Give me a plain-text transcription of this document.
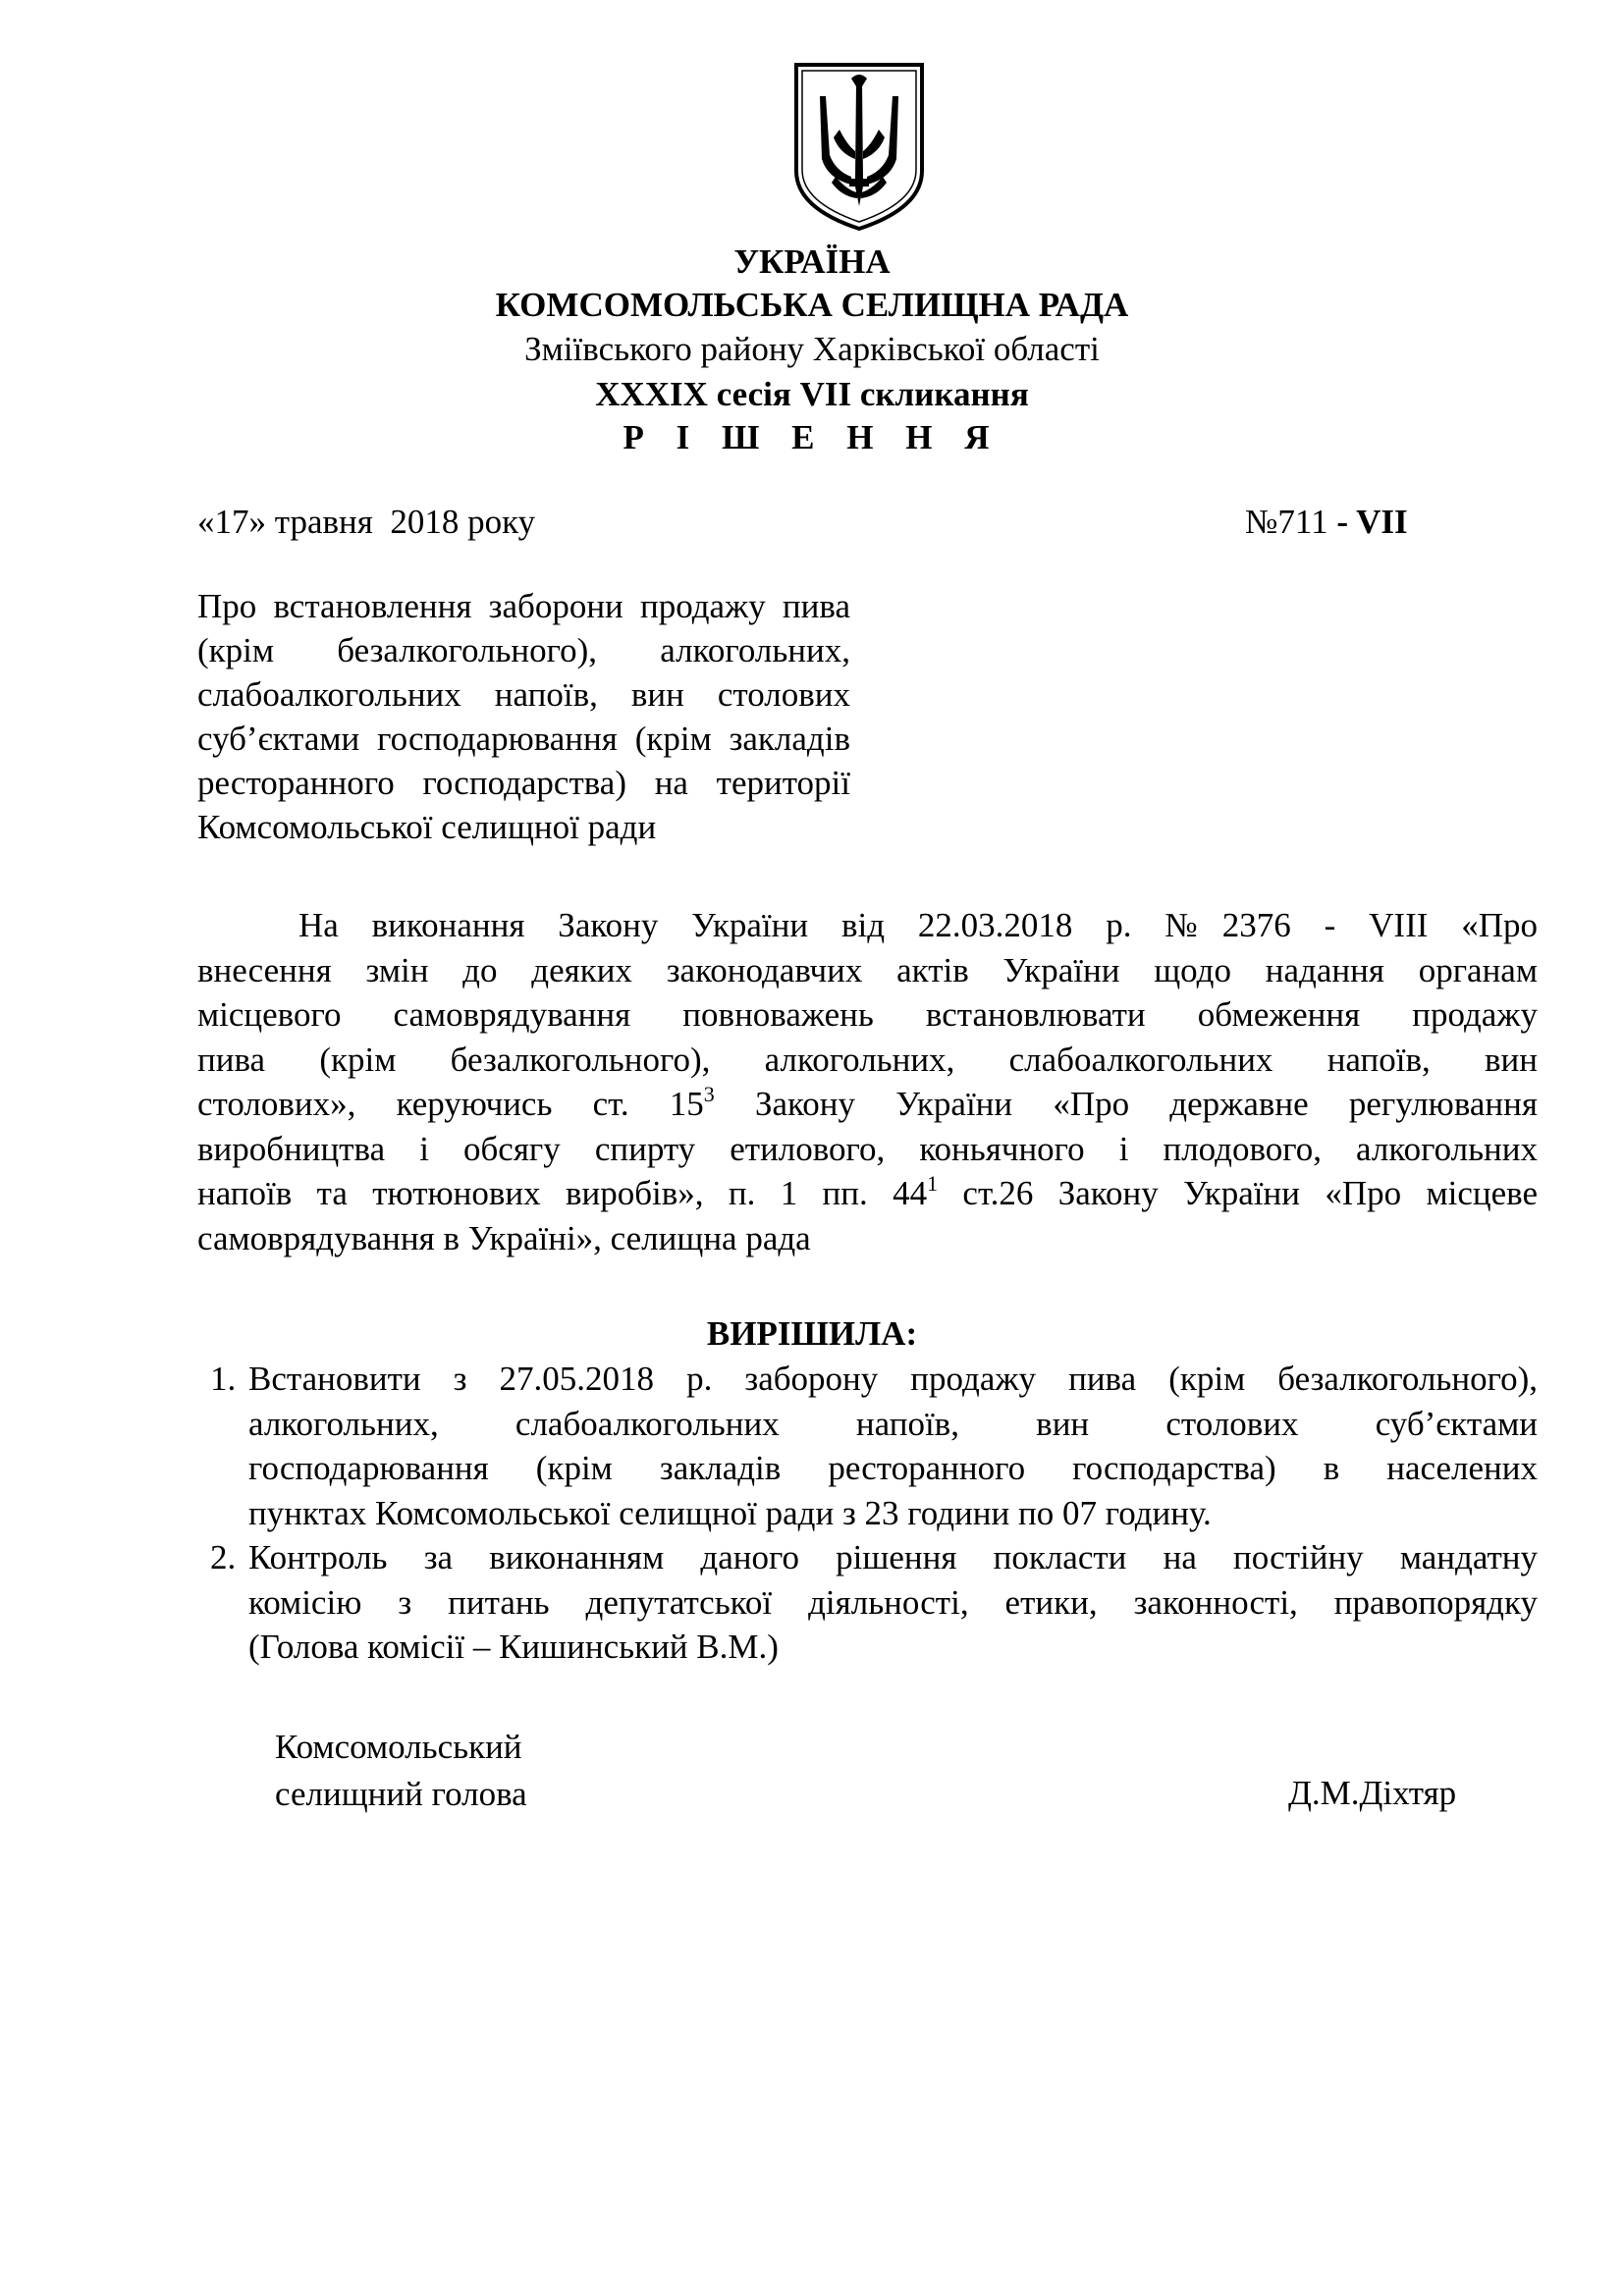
УКРАЇНА
КОМСОМОЛЬСЬКА СЕЛИЩНА РАДА
Зміївського району Харківської області
XXXIX сесія VII скликання
Р І Ш Е Н Н Я
«17» травня  2018 року	№711 - VII
Про встановлення заборони продажу пива
(крім безалкогольного), алкогольних,
слабоалкогольних напоїв, вин столових
суб’єктами господарювання (крім закладів
ресторанного господарства) на території
Комсомольської селищної ради
На виконання Закону України від 22.03.2018 р. №2376 - VIII «Про
внесення змін до деяких законодавчих актів України щодо надання органам
місцевого самоврядування повноважень встановлювати обмеження продажу
пива (крім безалкогольного), алкогольних, слабоалкогольних напоїв, вин
столових», керуючись ст. $15^3$ Закону України «Про державне регулювання
виробництва і обсягу спирту етилового, коньячного і плодового, алкогольних
напоїв та тютюнових виробів», п. 1 пп. $44^1$ ст.26 Закону України «Про місцеве
самоврядування в Україні», селищна рада
ВИРІШИЛА:
1. Встановити з 27.05.2018 р. заборону продажу пива (крім безалкогольного),
алкогольних, слабоалкогольних напоїв, вин столових суб’єктами
господарювання (крім закладів ресторанного господарства) в населених
пунктах Комсомольської селищної ради з 23 години по 07 годину.
2. Контроль за виконанням даного рішення покласти на постійну мандатну
комісію з питань депутатської діяльності, етики, законності, правопорядку
(Голова комісії – Кишинський В.М.)
Комсомольський
селищний голова	Д.М.Діхтяр
